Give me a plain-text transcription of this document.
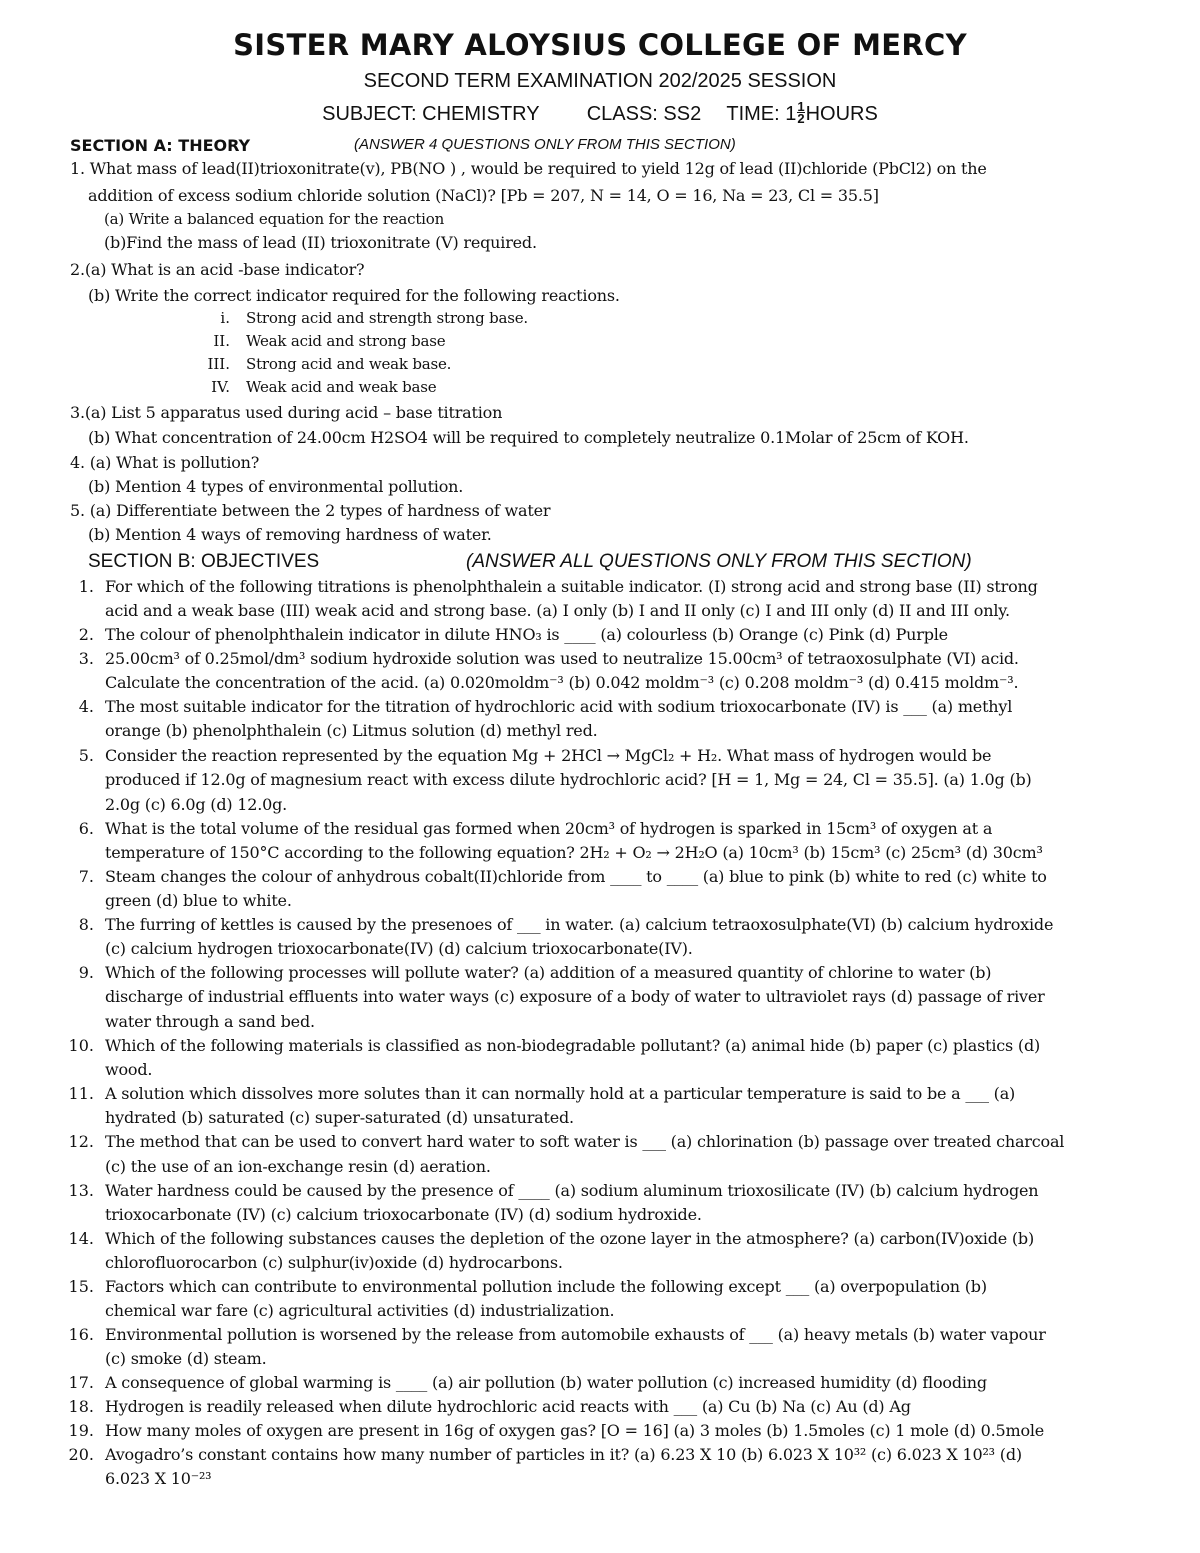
SISTER MARY ALOYSIUS COLLEGE OF MERCY
SECOND TERM EXAMINATION 202/2025 SESSION
SUBJECT: CHEMISTRY CLASS: SS2 TIME: $1 \frac{1}{2}$ HOURS
SECTION A: THEORY	(ANSWER 4 QUESTIONS ONLY FROM THIS SECTION)
1. What mass of lead(II)trioxonitrate(v), PB(NO ) , would be required to yield 12g of lead (II)chloride (PbCl2) on the
addition of excess sodium chloride solution (NaCl)? [Pb = 207, N = 14, O = 16, Na = 23, Cl = 35.5]
(a) Write a balanced equation for the reaction
(b)Find the mass of lead (II) trioxonitrate (V) required.
2.(a) What is an acid -base indicator?
(b) Write the correct indicator required for the following reactions.
i. Strong acid and strength strong base.
II. Weak acid and strong base
III. Strong acid and weak base.
IV. Weak acid and weak base
3.(a) List 5 apparatus used during acid – base titration
(b) What concentration of 24.00cm H2SO4 will be required to completely neutralize 0.1Molar of 25cm of KOH.
4. (a) What is pollution?
(b) Mention 4 types of environmental pollution.
5. (a) Differentiate between the 2 types of hardness of water
(b) Mention 4 ways of removing hardness of water.
SECTION B: OBJECTIVES	(ANSWER ALL QUESTIONS ONLY FROM THIS SECTION)
1.
2.
3.
4.
5.
6.
7.
8.
9.
10.
11.
12.
13.
14.
15.
16.
17.
18.
19.
20.
For which of the following titrations is phenolphthalein a suitable indicator. (I) strong acid and strong base (II) strong
acid and a weak base (III) weak acid and strong base. (a) I only (b) I and II only (c) I and III only (d) II and III only.
The colour of phenolphthalein indicator in dilute HNO₃ is ____ (a) colourless (b) Orange (c) Pink (d) Purple
25.00cm³ of 0.25mol/dm³ sodium hydroxide solution was used to neutralize 15.00cm³ of tetraoxosulphate (VI) acid.
Calculate the concentration of the acid. (a) 0.020moldm⁻³ (b) 0.042 moldm⁻³ (c) 0.208 moldm⁻³ (d) 0.415 moldm⁻³.
The most suitable indicator for the titration of hydrochloric acid with sodium trioxocarbonate (IV) is ___ (a) methyl
orange (b) phenolphthalein (c) Litmus solution (d) methyl red.
Consider the reaction represented by the equation Mg + 2HCl → MgCl₂ + H₂. What mass of hydrogen would be
produced if 12.0g of magnesium react with excess dilute hydrochloric acid? [H = 1, Mg = 24, Cl = 35.5]. (a) 1.0g (b)
2.0g (c) 6.0g (d) 12.0g.
What is the total volume of the residual gas formed when 20cm³ of hydrogen is sparked in 15cm³ of oxygen at a
temperature of 150°C according to the following equation? 2H₂ + O₂ → 2H₂O (a) 10cm³ (b) 15cm³ (c) 25cm³ (d) 30cm³
Steam changes the colour of anhydrous cobalt(II)chloride from ____ to ____ (a) blue to pink (b) white to red (c) white to
green (d) blue to white.
The furring of kettles is caused by the presenoes of ___ in water. (a) calcium tetraoxosulphate(VI) (b) calcium hydroxide
(c) calcium hydrogen trioxocarbonate(IV) (d) calcium trioxocarbonate(IV).
Which of the following processes will pollute water? (a) addition of a measured quantity of chlorine to water (b)
discharge of industrial effluents into water ways (c) exposure of a body of water to ultraviolet rays (d) passage of river
water through a sand bed.
Which of the following materials is classified as non-biodegradable pollutant? (a) animal hide (b) paper (c) plastics (d)
wood.
A solution which dissolves more solutes than it can normally hold at a particular temperature is said to be a ___ (a)
hydrated (b) saturated (c) super-saturated (d) unsaturated.
The method that can be used to convert hard water to soft water is ___ (a) chlorination (b) passage over treated charcoal
(c) the use of an ion-exchange resin (d) aeration.
Water hardness could be caused by the presence of ____ (a) sodium aluminum trioxosilicate (IV) (b) calcium hydrogen
trioxocarbonate (IV) (c) calcium trioxocarbonate (IV) (d) sodium hydroxide.
Which of the following substances causes the depletion of the ozone layer in the atmosphere? (a) carbon(IV)oxide (b)
chlorofluorocarbon (c) sulphur(iv)oxide (d) hydrocarbons.
Factors which can contribute to environmental pollution include the following except ___ (a) overpopulation (b)
chemical war fare (c) agricultural activities (d) industrialization.
Environmental pollution is worsened by the release from automobile exhausts of ___ (a) heavy metals (b) water vapour
(c) smoke (d) steam.
A consequence of global warming is ____ (a) air pollution (b) water pollution (c) increased humidity (d) flooding
Hydrogen is readily released when dilute hydrochloric acid reacts with ___ (a) Cu (b) Na (c) Au (d) Ag
How many moles of oxygen are present in 16g of oxygen gas? [O = 16] (a) 3 moles (b) 1.5moles (c) 1 mole (d) 0.5mole
Avogadro’s constant contains how many number of particles in it? (a) 6.23 X 10 (b) 6.023 X 10³² (c) 6.023 X 10²³ (d)
6.023 X 10⁻²³
